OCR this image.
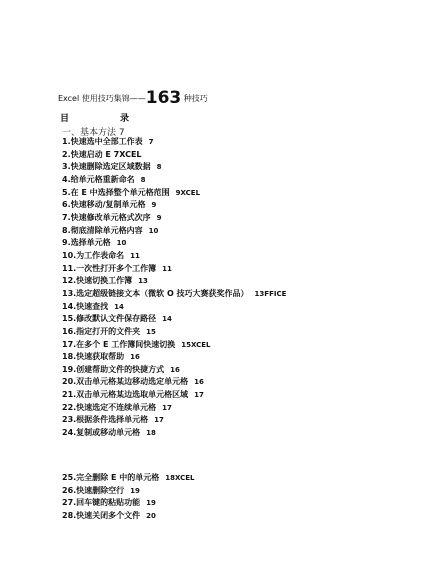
Excel 使用技巧集锦——163 种技巧
目	录
一、基本方法 7
1.快速选中全部工作表 7
2.快速启动 E 7XCEL
3.快速删除选定区域数据 8
4.给单元格重新命名 8
5.在 E 中选择整个单元格范围 9XCEL
6.快速移动/复制单元格 9
7.快速修改单元格式次序 9
8.彻底清除单元格内容 10
9.选择单元格 10
10.为工作表命名 11
11.一次性打开多个工作簿 11
12.快速切换工作簿 13
13.选定超级链接文本（微软 O 技巧大赛获奖作品） 13FFICE
14.快速查找 14
15.修改默认文件保存路径 14
16.指定打开的文件夹 15
17.在多个 E 工作簿间快速切换 15XCEL
18.快速获取帮助 16
19.创建帮助文件的快捷方式 16
20.双击单元格某边移动选定单元格 16
21.双击单元格某边选取单元格区域 17
22.快速选定不连续单元格 17
23.根据条件选择单元格 17
24.复制或移动单元格 18
25.完全删除 E 中的单元格 18XCEL
26.快速删除空行 19
27.回车键的粘贴功能 19
28.快速关闭多个文件 20
